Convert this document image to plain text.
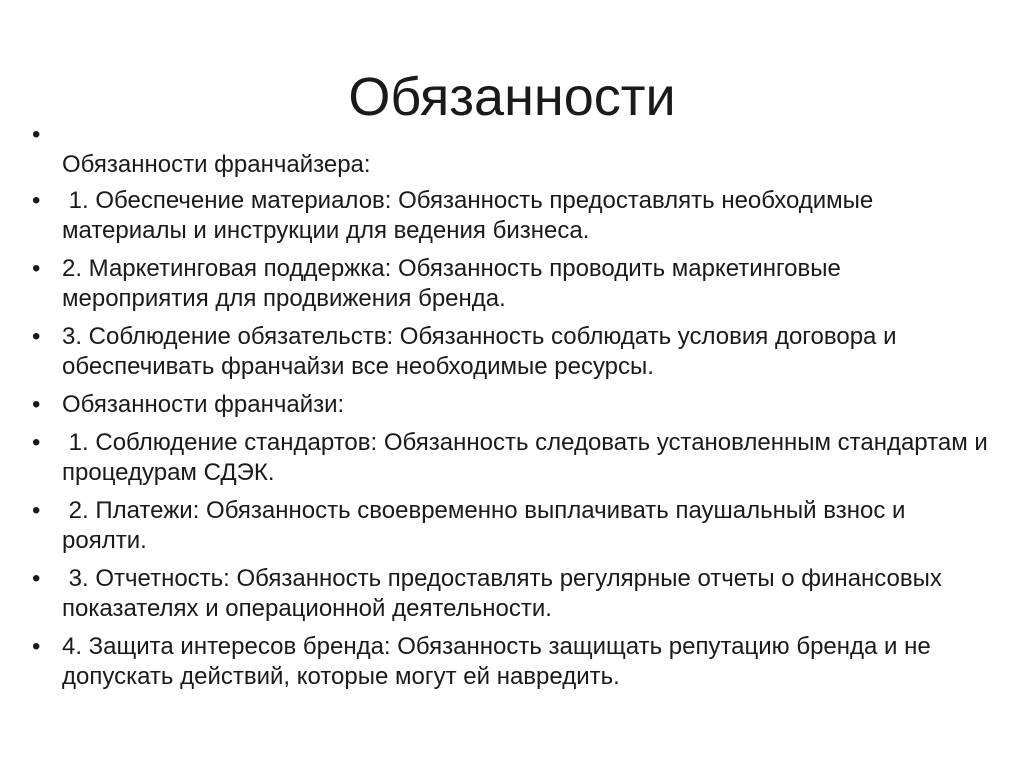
Обязанности
•
Обязанности франчайзера:
• 1. Обеспечение материалов: Обязанность предоставлять необходимые материалы и инструкции для ведения бизнеса.
• 2. Маркетинговая поддержка: Обязанность проводить маркетинговые мероприятия для продвижения бренда.
• 3. Соблюдение обязательств: Обязанность соблюдать условия договора и обеспечивать франчайзи все необходимые ресурсы.
• Обязанности франчайзи:
• 1. Соблюдение стандартов: Обязанность следовать установленным стандартам и процедурам СДЭК.
• 2. Платежи: Обязанность своевременно выплачивать паушальный взнос и роялти.
• 3. Отчетность: Обязанность предоставлять регулярные отчеты о финансовых показателях и операционной деятельности.
• 4. Защита интересов бренда: Обязанность защищать репутацию бренда и не допускать действий, которые могут ей навредить.
